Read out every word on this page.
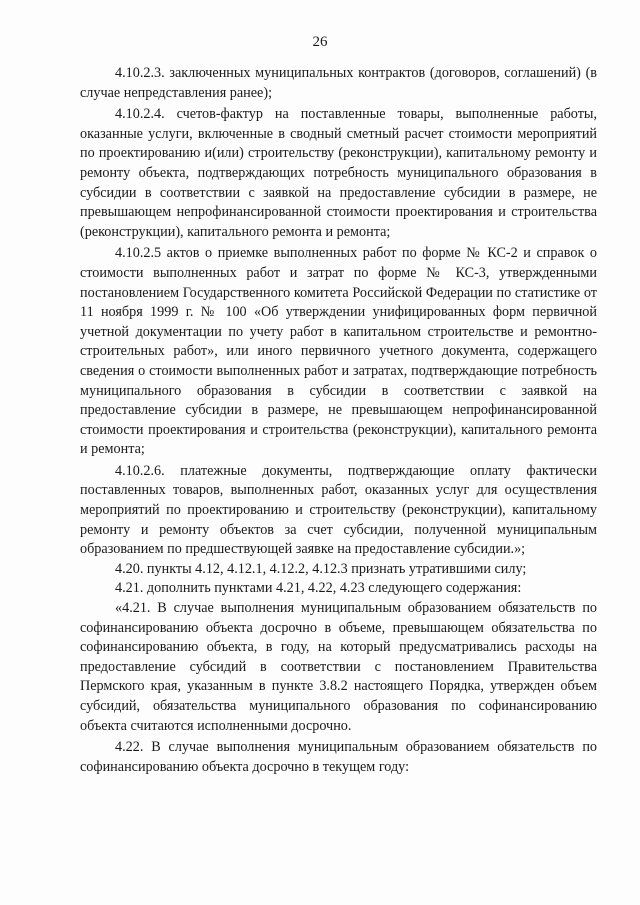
26

4.10.2.3. заключенных муниципальных контрактов (договоров, соглашений) (в случае непредставления ранее);

4.10.2.4. счетов-фактур на поставленные товары, выполненные работы, оказанные услуги, включенные в сводный сметный расчет стоимости мероприятий по проектированию и(или) строительству (реконструкции), капитальному ремонту и ремонту объекта, подтверждающих потребность муниципального образования в субсидии в соответствии с заявкой на предоставление субсидии в размере, не превышающем непрофинансированной стоимости проектирования и строительства (реконструкции), капитального ремонта и ремонта;

4.10.2.5 актов о приемке выполненных работ по форме № КС-2 и справок о стоимости выполненных работ и затрат по форме № КС-3, утвержденными постановлением Государственного комитета Российской Федерации по статистике от 11 ноября 1999 г. № 100 «Об утверждении унифицированных форм первичной учетной документации по учету работ в капитальном строительстве и ремонтно-строительных работ», или иного первичного учетного документа, содержащего сведения о стоимости выполненных работ и затратах, подтверждающие потребность муниципального образования в субсидии в соответствии с заявкой на предоставление субсидии в размере, не превышающем непрофинансированной стоимости проектирования и строительства (реконструкции), капитального ремонта и ремонта;

4.10.2.6. платежные документы, подтверждающие оплату фактически поставленных товаров, выполненных работ, оказанных услуг для осуществления мероприятий по проектированию и строительству (реконструкции), капитальному ремонту и ремонту объектов за счет субсидии, полученной муниципальным образованием по предшествующей заявке на предоставление субсидии.»;

4.20. пункты 4.12, 4.12.1, 4.12.2, 4.12.3 признать утратившими силу;

4.21. дополнить пунктами 4.21, 4.22, 4.23 следующего содержания:

«4.21. В случае выполнения муниципальным образованием обязательств по софинансированию объекта досрочно в объеме, превышающем обязательства по софинансированию объекта, в году, на который предусматривались расходы на предоставление субсидий в соответствии с постановлением Правительства Пермского края, указанным в пункте 3.8.2 настоящего Порядка, утвержден объем субсидий, обязательства муниципального образования по софинансированию объекта считаются исполненными досрочно.

4.22. В случае выполнения муниципальным образованием обязательств по софинансированию объекта досрочно в текущем году:
